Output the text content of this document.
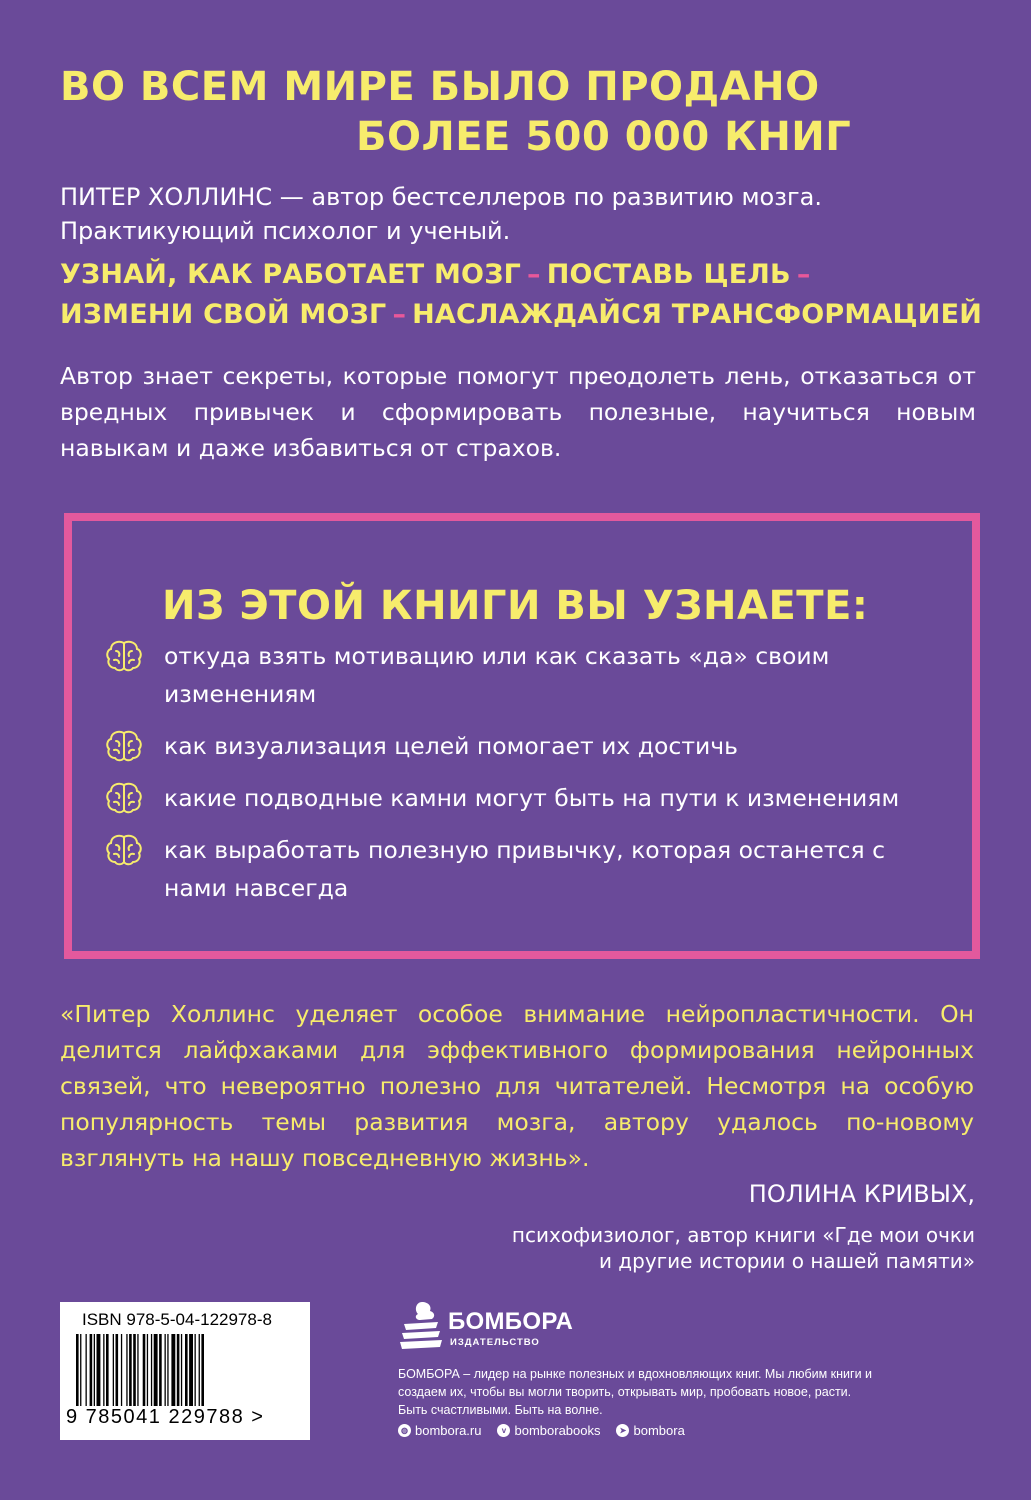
ВО ВСЕМ МИРЕ БЫЛО ПРОДАНО
БОЛЕЕ 500 000 КНИГ

ПИТЕР ХОЛЛИНС — автор бестселлеров по развитию мозга. Практикующий психолог и ученый.

УЗНАЙ, КАК РАБОТАЕТ МОЗГ – ПОСТАВЬ ЦЕЛЬ –
ИЗМЕНИ СВОЙ МОЗГ – НАСЛАЖДАЙСЯ ТРАНСФОРМАЦИЕЙ

Автор знает секреты, которые помогут преодолеть лень, отказаться от вредных привычек и сформировать полезные, научиться новым навыкам и даже избавиться от страхов.

ИЗ ЭТОЙ КНИГИ ВЫ УЗНАЕТЕ:
откуда взять мотивацию или как сказать «да» своим изменениям
как визуализация целей помогает их достичь
какие подводные камни могут быть на пути к изменениям
как выработать полезную привычку, которая останется с нами навсегда

«Питер Холлинс уделяет особое внимание нейропластичности. Он делится лайфхаками для эффективного формирования нейронных связей, что невероятно полезно для читателей. Несмотря на особую популярность темы развития мозга, автору удалось по-новому взглянуть на нашу повседневную жизнь».

ПОЛИНА КРИВЫХ,

психофизиолог, автор книги «Где мои очки
и другие истории о нашей памяти»

ISBN 978-5-04-122978-8
9 785041 229788 >
БОМБОРА
ИЗДАТЕЛЬСТВО

БОМБОРА – лидер на рынке полезных и вдохновляющих книг. Мы любим книги и создаем их, чтобы вы могли творить, открывать мир, пробовать новое, расти. Быть счастливыми. Быть на волне.

◍ bombora.ru	v bomborabooks	➤ bombora
